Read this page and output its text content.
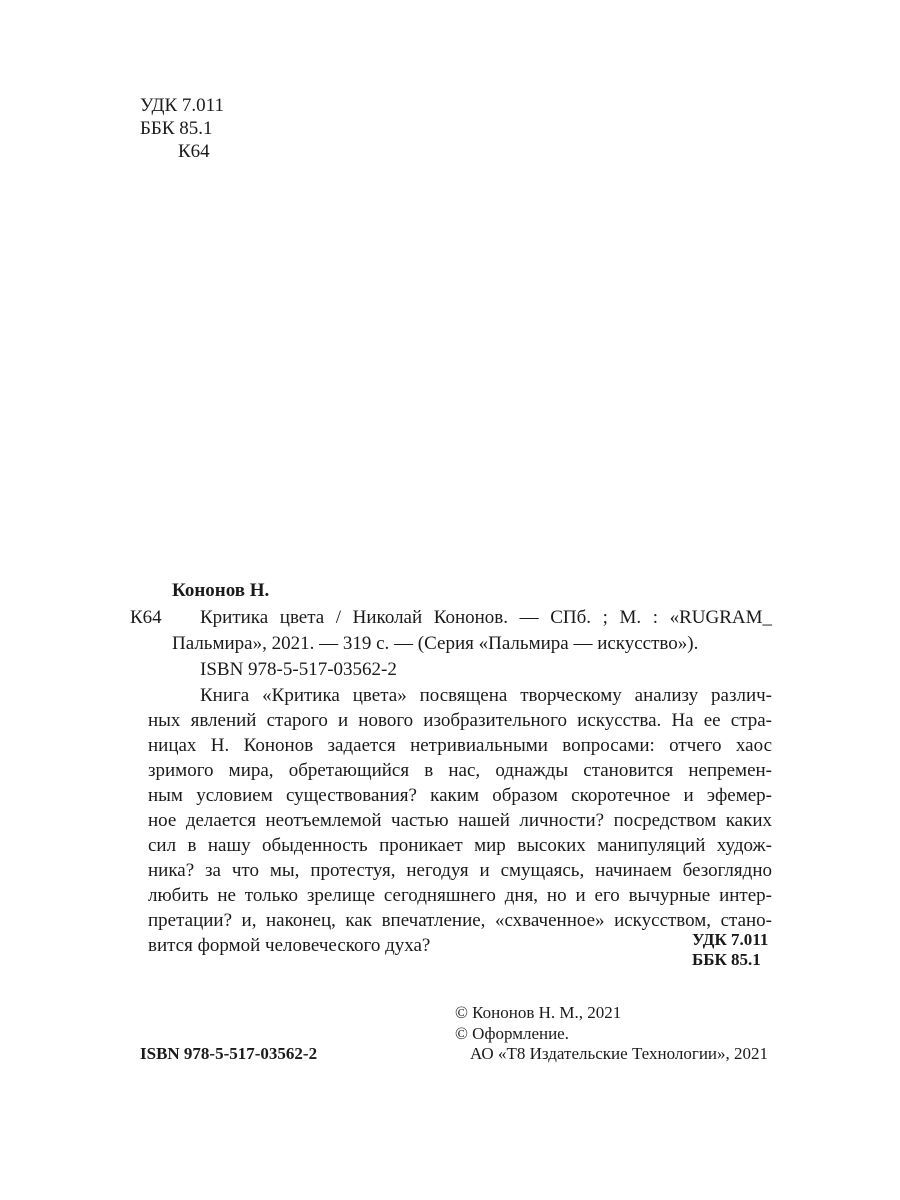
УДК 7.011
ББК 85.1
К64
Кононов Н.
К64 Критика цвета / Николай Кононов. — СПб. ; М. : «RUGRAM_
Пальмира», 2021. — 319 с. — (Серия «Пальмира — искусство»).
ISBN 978-5-517-03562-2
Книга «Критика цвета» посвящена творческому анализу различ-
ных явлений старого и нового изобразительного искусства. На ее стра-
ницах Н. Кононов задается нетривиальными вопросами: отчего хаос
зримого мира, обретающийся в нас, однажды становится непремен-
ным условием существования? каким образом скоротечное и эфемер-
ное делается неотъемлемой частью нашей личности? посредством каких
сил в нашу обыденность проникает мир высоких манипуляций худож-
ника? за что мы, протестуя, негодуя и смущаясь, начинаем безоглядно
любить не только зрелище сегодняшнего дня, но и его вычурные интер-
претации? и, наконец, как впечатление, «схваченное» искусством, стано-
вится формой человеческого духа?	УДК 7.011
ББК 85.1
© Кононов Н. М., 2021
© Оформление.
АО «Т8 Издательские Технологии», 2021
ISBN 978-5-517-03562-2
